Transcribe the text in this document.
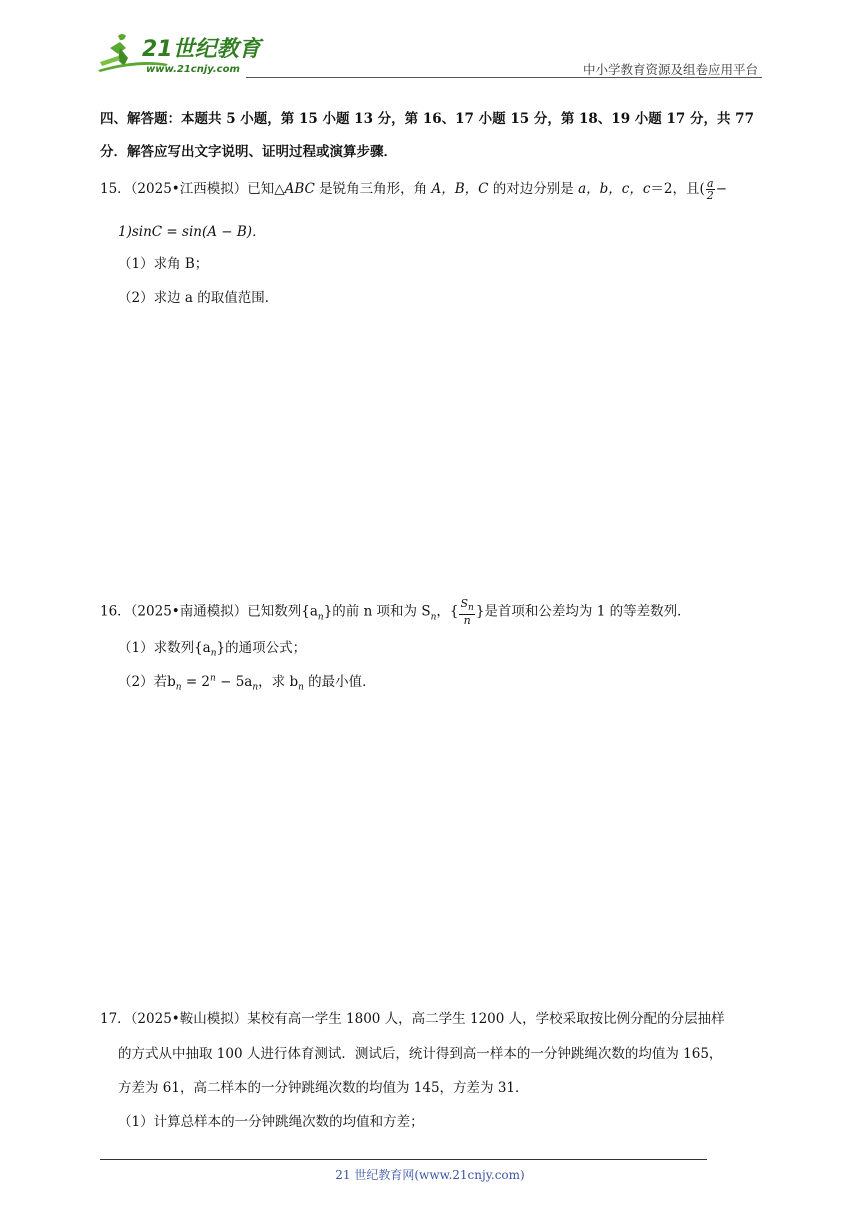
21世纪教育
www.21cnjy.com	中小学教育资源及组卷应用平台
四、解答题：本题共 5 小题，第 15 小题 13 分，第 16、17 小题 15 分，第 18、19 小题 17 分，共 77
分．解答应写出文字说明、证明过程或演算步骤．
15．（2025•江西模拟）已知△ABC 是锐角三角形，角 A，B，C 的对边分别是 a，b，c，c＝2，且( $\frac{a}{2}$ −
1)sinC = sin(A − B)．
（1）求角 B；
（2）求边 a 的取值范围．
16．（2025•南通模拟）已知数列$\{a_n\}$的前 n 项和为 $S_n$，{ $\frac{S_n}{n}$ }是首项和公差均为 1 的等差数列．
（1）求数列$\{a_n\}$的通项公式；
（2）若$b_n = 2^n - 5a_n$，求 $b_n$ 的最小值．
17．（2025•鞍山模拟）某校有高一学生 1800 人，高二学生 1200 人，学校采取按比例分配的分层抽样
的方式从中抽取 100 人进行体育测试．测试后，统计得到高一样本的一分钟跳绳次数的均值为 165，
方差为 61，高二样本的一分钟跳绳次数的均值为 145，方差为 31．
（1）计算总样本的一分钟跳绳次数的均值和方差；
21 世纪教育网(www.21cnjy.com)
